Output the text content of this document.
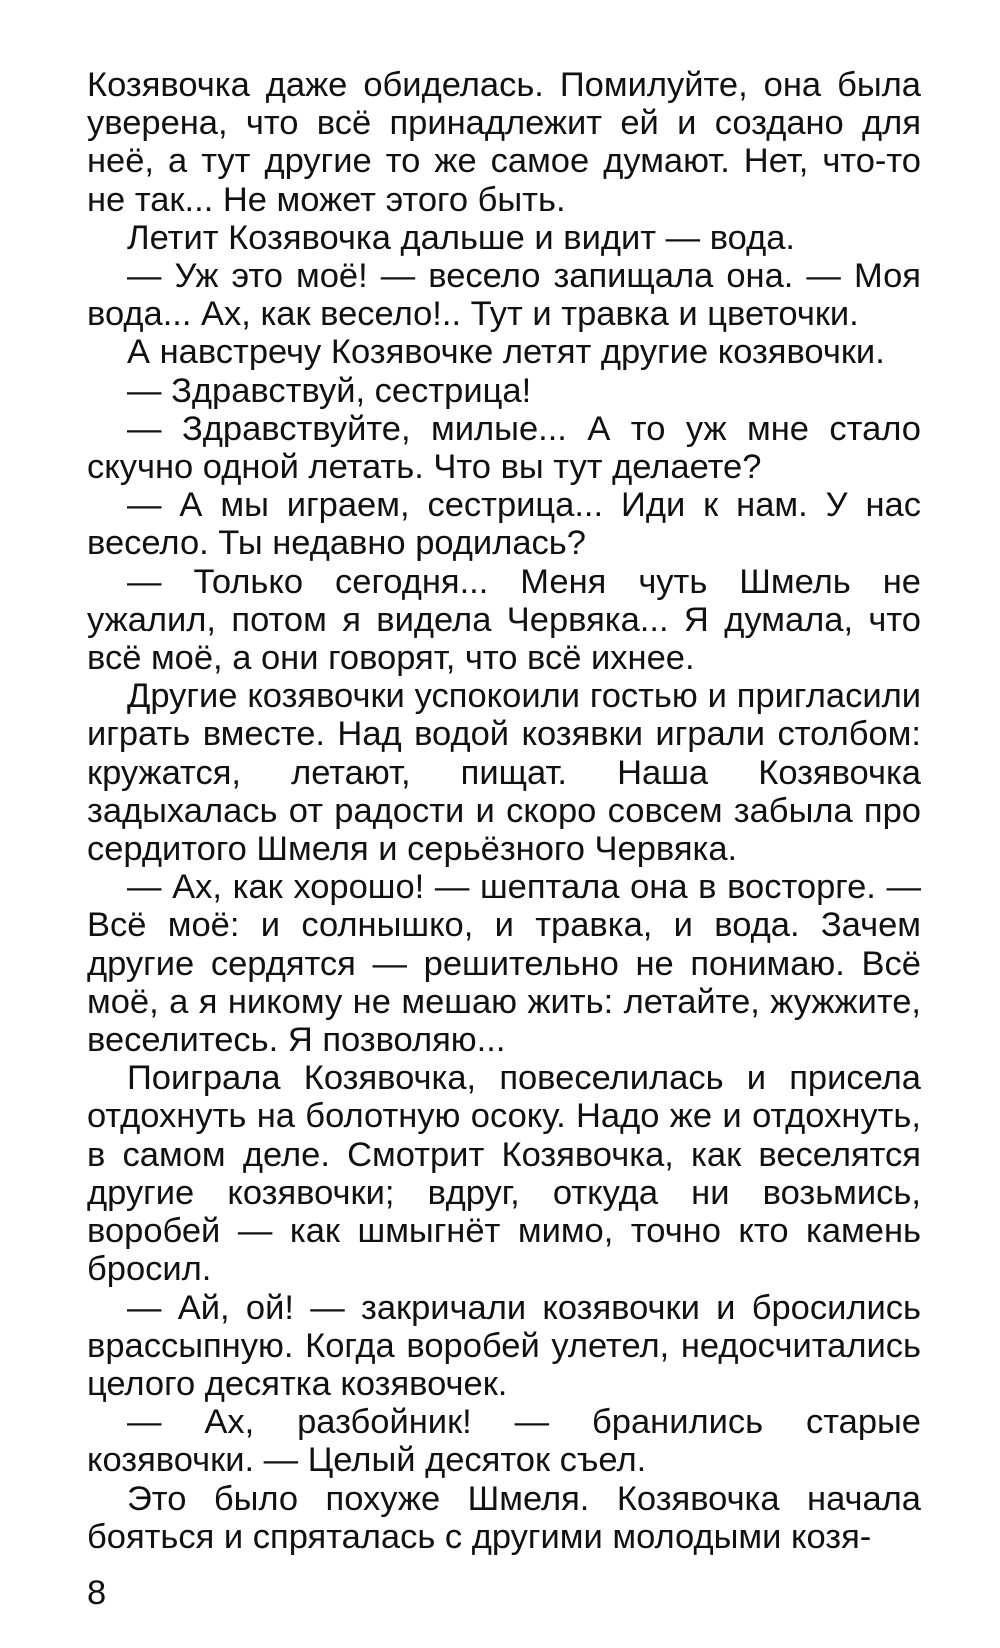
Козявочка даже обиделась. Помилуйте, она была уверена, что всё принадлежит ей и создано для неё, а тут другие то же самое думают. Нет, что-то не так... Не может этого быть.

Летит Козявочка дальше и видит — вода.

— Уж это моё! — весело запищала она. — Моя вода... Ах, как весело!.. Тут и травка и цветочки.

А навстречу Козявочке летят другие козявочки.

— Здравствуй, сестрица!

— Здравствуйте, милые... А то уж мне стало скучно одной летать. Что вы тут делаете?

— А мы играем, сестрица... Иди к нам. У нас весело. Ты недавно родилась?

— Только сегодня... Меня чуть Шмель не ужалил, потом я видела Червяка... Я думала, что всё моё, а они говорят, что всё ихнее.

Другие козявочки успокоили гостью и пригласили играть вместе. Над водой козявки играли столбом: кружатся, летают, пищат. Наша Козявочка задыхалась от радости и скоро совсем забыла про сердитого Шмеля и серьёзного Червяка.

— Ах, как хорошо! — шептала она в восторге. — Всё моё: и солнышко, и травка, и вода. Зачем другие сердятся — решительно не понимаю. Всё моё, а я никому не мешаю жить: летайте, жужжите, веселитесь. Я позволяю...

Поиграла Козявочка, повеселилась и присела отдохнуть на болотную осоку. Надо же и отдохнуть, в самом деле. Смотрит Козявочка, как веселятся другие козявочки; вдруг, откуда ни возьмись, воробей — как шмыгнёт мимо, точно кто камень бросил.

— Ай, ой! — закричали козявочки и бросились врассыпную. Когда воробей улетел, недосчитались целого десятка козявочек.

— Ах, разбойник! — бранились старые козявочки. — Целый десяток съел.

Это было похуже Шмеля. Козявочка начала бояться и спряталась с другими молодыми козя-

8
